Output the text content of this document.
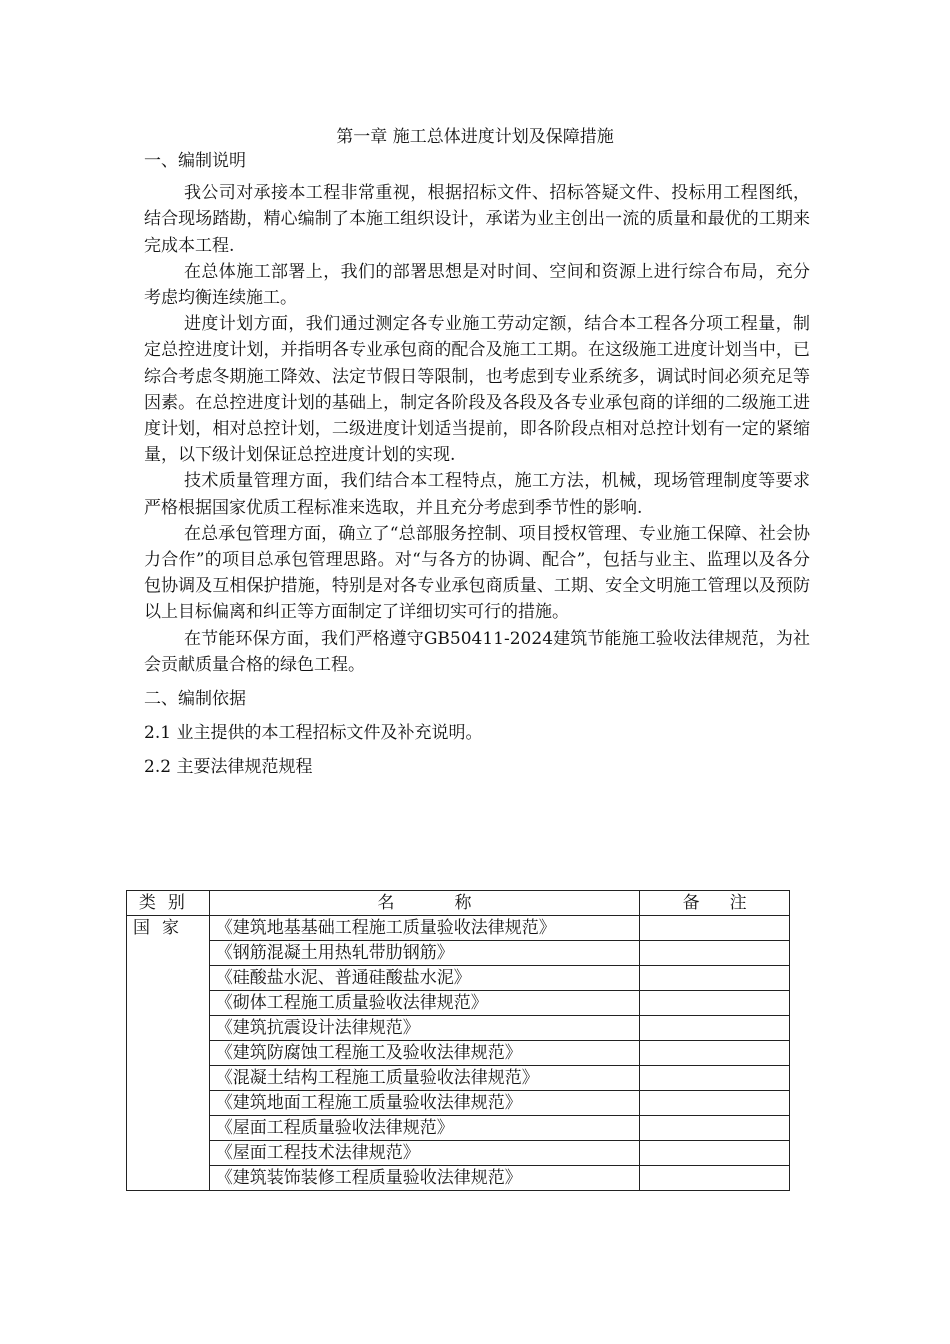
第一章 施工总体进度计划及保障措施

一、编制说明

我公司对承接本工程非常重视，根据招标文件、招标答疑文件、投标用工程图纸，结合现场踏勘，精心编制了本施工组织设计，承诺为业主创出一流的质量和最优的工期来完成本工程.

在总体施工部署上，我们的部署思想是对时间、空间和资源上进行综合布局，充分考虑均衡连续施工。

进度计划方面，我们通过测定各专业施工劳动定额，结合本工程各分项工程量，制定总控进度计划，并指明各专业承包商的配合及施工工期。在这级施工进度计划当中，已综合考虑冬期施工降效、法定节假日等限制，也考虑到专业系统多，调试时间必须充足等因素。在总控进度计划的基础上，制定各阶段及各段及各专业承包商的详细的二级施工进度计划，相对总控计划，二级进度计划适当提前，即各阶段点相对总控计划有一定的紧缩量，以下级计划保证总控进度计划的实现.

技术质量管理方面，我们结合本工程特点，施工方法，机械，现场管理制度等要求严格根据国家优质工程标准来选取，并且充分考虑到季节性的影响.

在总承包管理方面，确立了“总部服务控制、项目授权管理、专业施工保障、社会协力合作”的项目总承包管理思路。对“与各方的协调、配合”，包括与业主、监理以及各分包协调及互相保护措施，特别是对各专业承包商质量、工期、安全文明施工管理以及预防以上目标偏离和纠正等方面制定了详细切实可行的措施。

在节能环保方面，我们严格遵守GB50411-2024建筑节能施工验收法律规范，为社会贡献质量合格的绿色工程。

二、编制依据

2.1 业主提供的本工程招标文件及补充说明。

2.2 主要法律规范规程

类别	名称	备注
国家	《建筑地基基础工程施工质量验收法律规范》	
	《钢筋混凝土用热轧带肋钢筋》	
	《硅酸盐水泥、普通硅酸盐水泥》	
	《砌体工程施工质量验收法律规范》	
	《建筑抗震设计法律规范》	
	《建筑防腐蚀工程施工及验收法律规范》	
	《混凝土结构工程施工质量验收法律规范》	
	《建筑地面工程施工质量验收法律规范》	
	《屋面工程质量验收法律规范》	
	《屋面工程技术法律规范》	
	《建筑装饰装修工程质量验收法律规范》	
